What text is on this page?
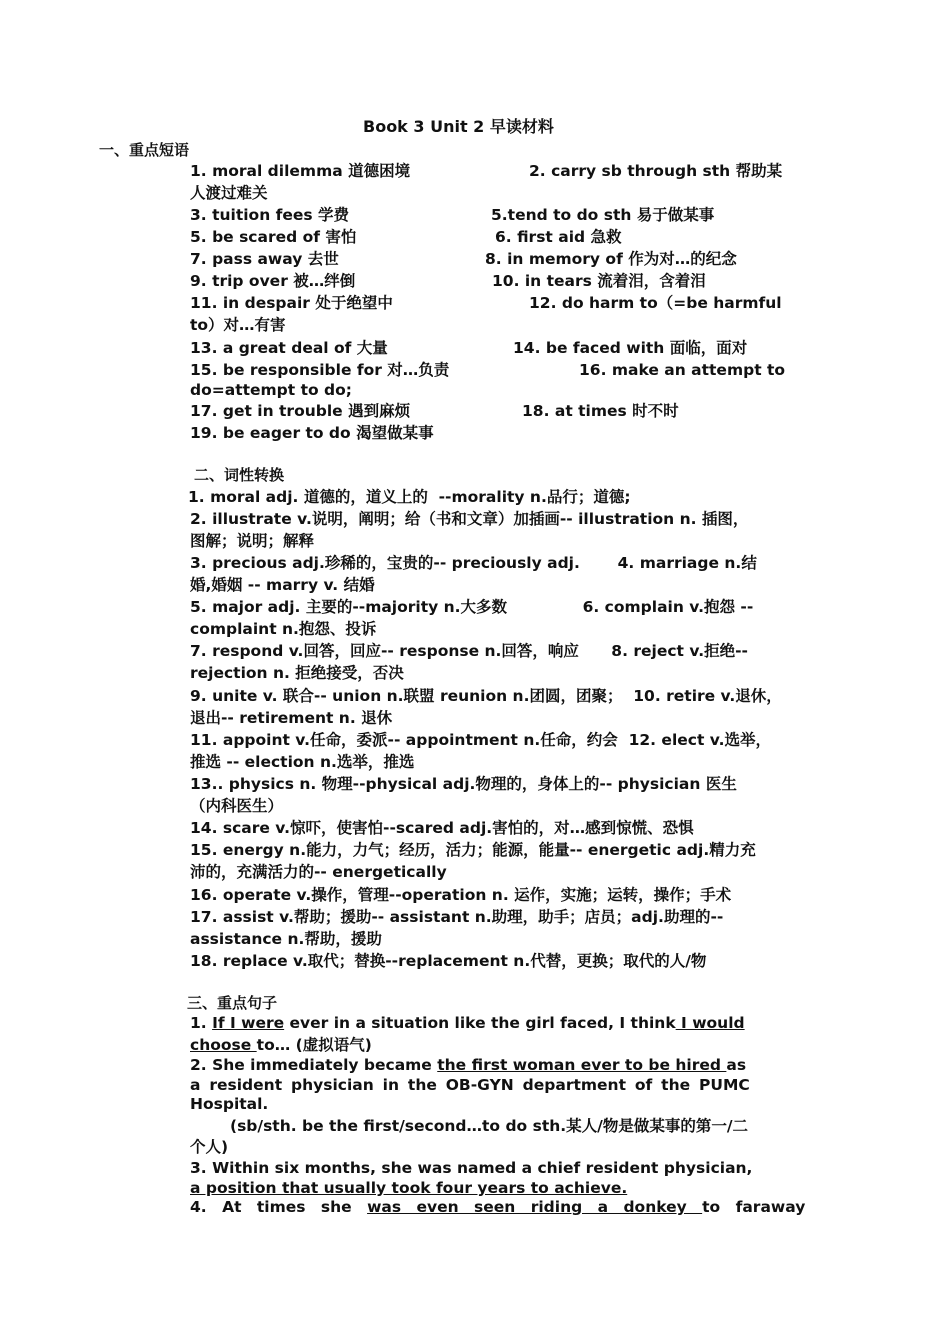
Book 3 Unit 2 早读材料
一、重点短语
1. moral dilemma 道德困境	2. carry sb through sth 帮助某
人渡过难关
3. tuition fees 学费	5.tend to do sth 易于做某事
5. be scared of 害怕	6. first aid 急救
7. pass away 去世	8. in memory of 作为对…的纪念
9. trip over 被…绊倒	10. in tears 流着泪，含着泪
11. in despair 处于绝望中	12. do harm to（=be harmful
to）对…有害
13. a great deal of 大量	14. be faced with 面临，面对
15. be responsible for 对…负责	16. make an attempt to
do=attempt to do;
17. get in trouble 遇到麻烦	18. at times 时不时
19. be eager to do 渴望做某事
二、词性转换
1. moral adj. 道德的，道义上的  --morality n.品行；道德;
2. illustrate v.说明，阐明；给（书和文章）加插画-- illustration n. 插图，
图解；说明；解释
3. precious adj.珍稀的，宝贵的-- preciously adj.       4. marriage n.结
婚,婚姻 -- marry v. 结婚
5. major adj. 主要的--majority n.大多数              6. complain v.抱怨 --
complaint n.抱怨、投诉
7. respond v.回答，回应-- response n.回答，响应      8. reject v.拒绝--
rejection n. 拒绝接受，否决
9. unite v. 联合-- union n.联盟 reunion n.团圆，团聚；  10. retire v.退休，
退出-- retirement n. 退休
11. appoint v.任命，委派-- appointment n.任命，约会  12. elect v.选举，
推选 -- election n.选举，推选
13.. physics n. 物理--physical adj.物理的，身体上的-- physician 医生
（内科医生）
14. scare v.惊吓，使害怕--scared adj.害怕的，对…感到惊慌、恐惧
15. energy n.能力，力气；经历，活力；能源，能量-- energetic adj.精力充
沛的，充满活力的-- energetically
16. operate v.操作，管理--operation n. 运作，实施；运转，操作；手术
17. assist v.帮助；援助-- assistant n.助理，助手；店员；adj.助理的--
assistance n.帮助，援助
18. replace v.取代；替换--replacement n.代替，更换；取代的人/物
三、重点句子
1. If I were ever in a situation like the girl faced, I think I would
choose to… (虚拟语气)
2. She immediately became the first woman ever to be hired as
a resident physician in the OB-GYN department of the PUMC
Hospital.
(sb/sth. be the first/second…to do sth.某人/物是做某事的第一/二
个人)
3. Within six months, she was named a chief resident physician,
a position that usually took four years to achieve.
4. At times she was even seen riding a donkey to faraway
